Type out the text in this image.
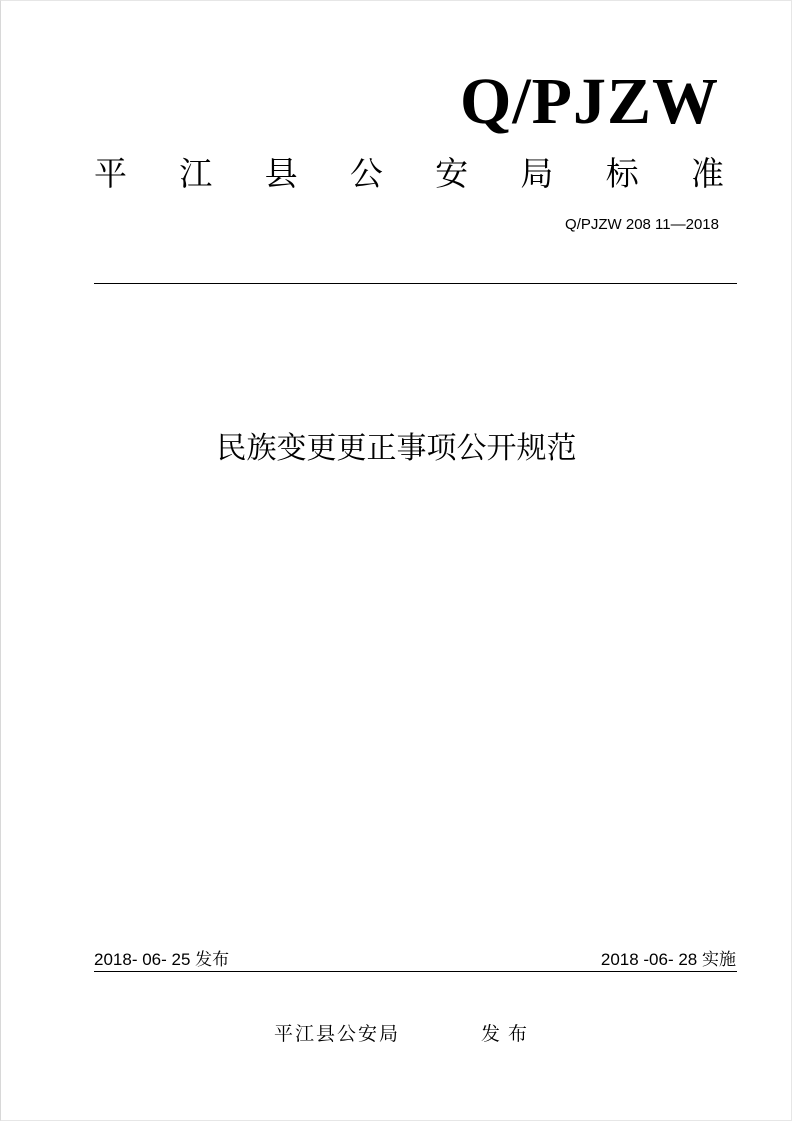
Q/PJZW
平 江 县 公 安 局 标 准
Q/PJZW 208 11—2018
民族变更更正事项公开规范
2018- 06- 25 发布	2018 -06- 28 实施
平江县公安局	发布
